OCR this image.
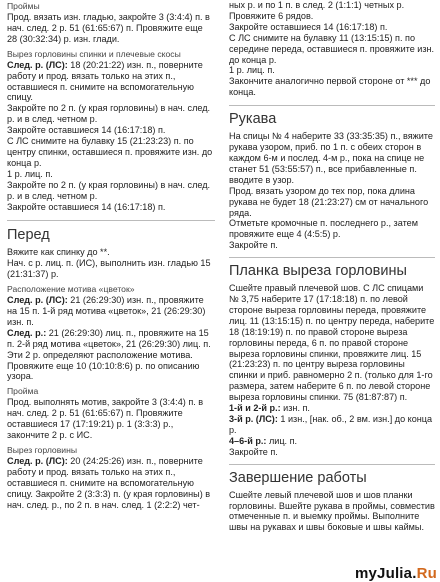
Проймы

Прод. вязать изн. гладью, закройте 3 (3:4:4) п. в нач. след. 2 р. 51 (61:65:67) п. Провяжите еще 28 (30:32:34) р. изн. глади.

Вырез горловины спинки и плечевые скосы

След. р. (ЛС): 18 (20:21:22) изн. п., поверните работу и прод. вязать только на этих п., оставшиеся п. снимите на вспомогательную спицу.

Закройте по 2 п. (у края горловины) в нач. след. р. и в след. четном р.

Закройте оставшиеся 14 (16:17:18) п.

С ЛС снимите на булавку 15 (21:23:23) п. по центру спинки, оставшиеся п. провяжите изн. до конца р.

1 р. лиц. п.

Закройте по 2 п. (у края горловины) в нач. след. р. и в след. четном р.

Закройте оставшиеся 14 (16:17:18) п.

Перед

Вяжите как спинку до **.

Нач. с р. лиц. п. (ИС), выполнить изн. гладью 15 (21:31:37) р.

Расположение мотива «цветок»

След. р. (ЛС): 21 (26:29:30) изн. п., провяжите на 15 п. 1-й ряд мотива «цветок», 21 (26:29:30) изн. п.

След. р.: 21 (26:29:30) лиц. п., провяжите на 15 п. 2-й ряд мотива «цветок», 21 (26:29:30) лиц. п.

Эти 2 р. определяют расположение мотива. Провяжите еще 10 (10:10:8:6) р. по описанию узора.

Пройма

Прод. выполнять мотив, закройте 3 (3:4:4) п. в нач. след. 2 р. 51 (61:65:67) п. Провяжите оставшиеся 17 (17:19:21) р. 1 (3:3:3) р., закончите 2 р. с ИС.

Вырез горловины

След. р. (ЛС): 20 (24:25:26) изн. п., поверните работу и прод. вязать только на этих п., оставшиеся п. снимите на вспомогательную спицу. Закройте 2 (3:3:3) п. (у края горловины) в нач. след. р., по 2 п. в нач. след. 1 (2:2:2) чет-

ных р. и по 1 п. в след. 2 (1:1:1) четных р. Провяжите 6 рядов.

Закройте оставшиеся 14 (16:17:18) п.

С ЛС снимите на булавку 11 (13:15:15) п. по середине переда, оставшиеся п. провяжите изн. до конца р.

1 р. лиц. п.

Закончите аналогично первой стороне от *** до конца.

Рукава

На спицы № 4 наберите 33 (33:35:35) п., вяжите рукава узором, приб. по 1 п. с обеих сторон в каждом 6-м и послед. 4-м р., пока на спице не станет 51 (53:55:57) п., все прибавленные п. вводите в узор.

Прод. вязать узором до тех пор, пока длина рукава не будет 18 (21:23:27) см от начального ряда.

Отметьте кромочные п. последнего р., затем провяжите еще 4 (4:5:5) р.

Закройте п.

Планка выреза горловины

Сшейте правый плечевой шов. С ЛС спицами № 3,75 наберите 17 (17:18:18) п. по левой стороне выреза горловины переда, провяжите лиц. 11 (13:15:15) п. по центру переда, наберите 18 (18:19:19) п. по правой стороне выреза горловины переда, 6 п. по правой стороне выреза горловины спинки, провяжите лиц. 15 (21:23:23) п. по центру выреза горловины спинки и приб. равномерно 2 п. (только для 1-го размера, затем наберите 6 п. по левой стороне выреза горловины спинки. 75 (81:87:87) п.

1-й и 2-й р.: изн. п.

3-й р. (ЛС): 1 изн., [нак. об., 2 вм. изн.] до конца р.

4–6-й р.: лиц. п.

Закройте п.

Завершение работы

Сшейте левый плечевой шов и шов планки горловины. Вшейте рукава в проймы, совместив отмеченные п. и выемку проймы. Выполните швы на рукавах и швы боковые и швы каймы.

myJulia.Ru
